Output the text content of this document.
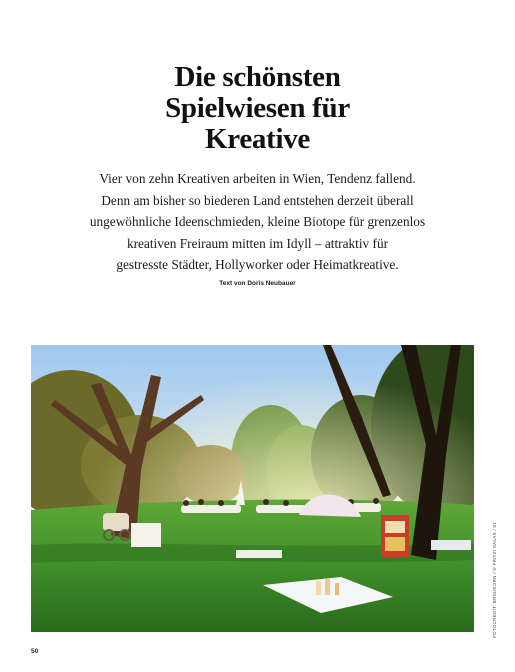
Die schönsten
Spielwiesen für
Kreative
Vier von zehn Kreativen arbeiten in Wien, Tendenz fallend.
Denn am bisher so biederen Land entstehen derzeit überall
ungewöhnliche Ideenschmieden, kleine Biotope für grenzenlos
kreativen Freiraum mitten im Idyll – attraktiv für
gestresste Städter, Hollyworker oder Heimatkreative.
Text von Doris Neubauer
FOTOCREDIT: BRIGIKORN / © FRITZI SALAS / 01
50
